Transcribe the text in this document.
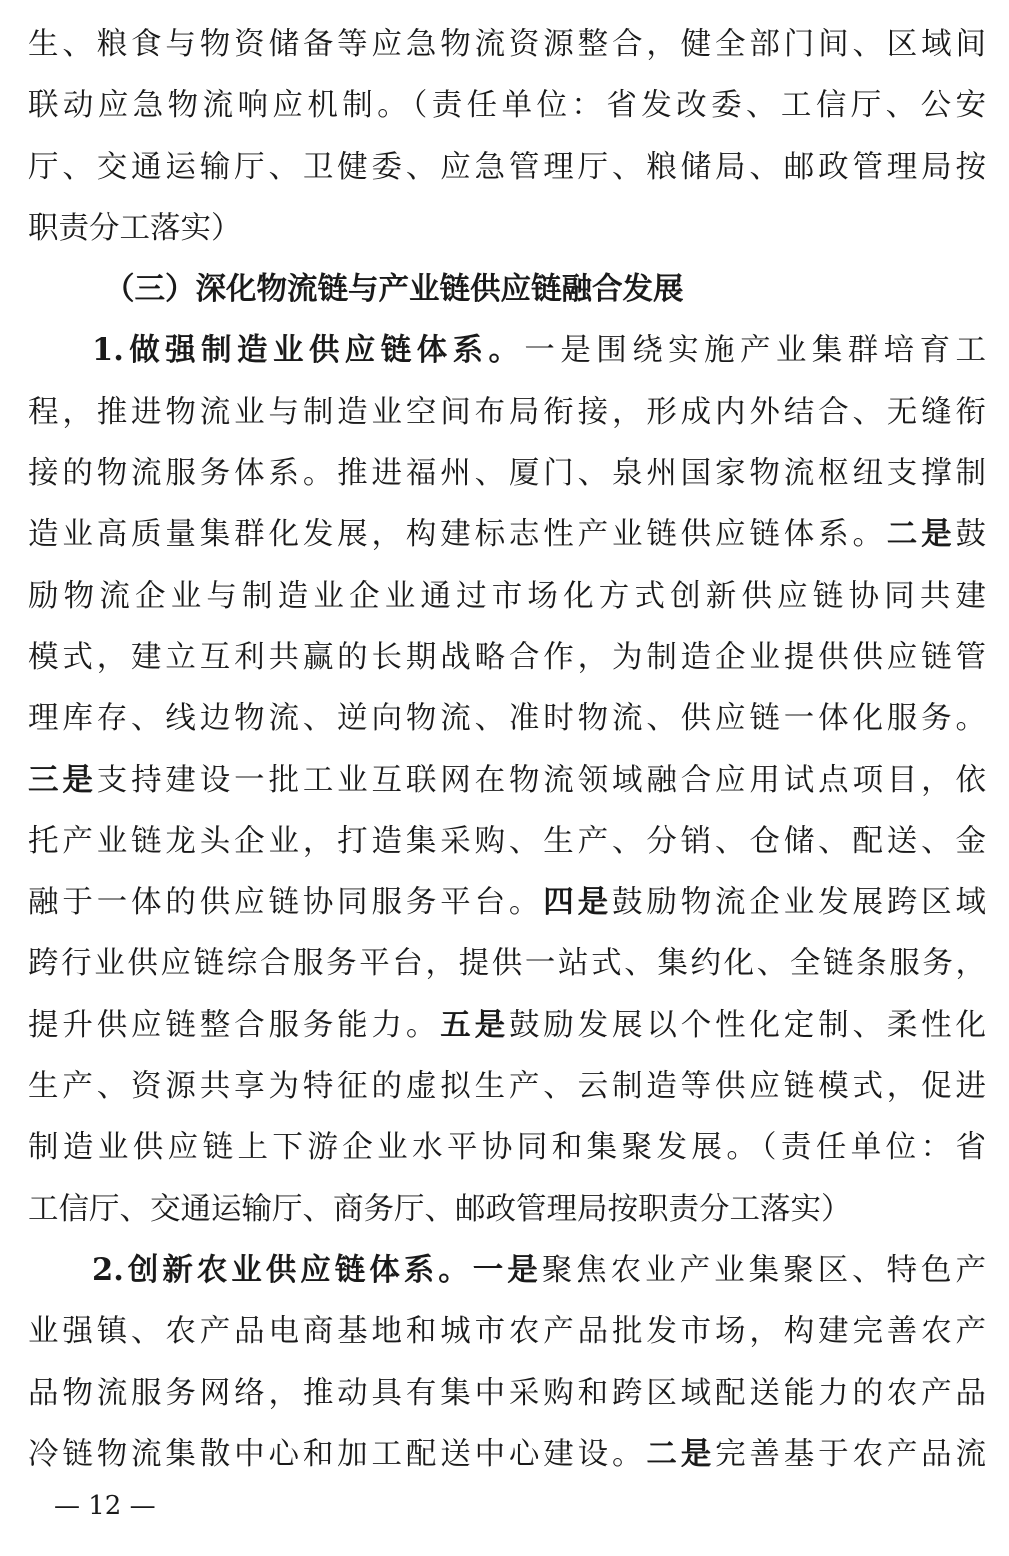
生、粮食与物资储备等应急物流资源整合，健全部门间、区域间
联动应急物流响应机制。（责任单位：省发改委、工信厅、公安
厅、交通运输厅、卫健委、应急管理厅、粮储局、邮政管理局按
职责分工落实）
（三）深化物流链与产业链供应链融合发展
1.做强制造业供应链体系。一是围绕实施产业集群培育工
程，推进物流业与制造业空间布局衔接，形成内外结合、无缝衔
接的物流服务体系。推进福州、厦门、泉州国家物流枢纽支撑制
造业高质量集群化发展，构建标志性产业链供应链体系。二是鼓
励物流企业与制造业企业通过市场化方式创新供应链协同共建
模式，建立互利共赢的长期战略合作，为制造企业提供供应链管
理库存、线边物流、逆向物流、准时物流、供应链一体化服务。
三是支持建设一批工业互联网在物流领域融合应用试点项目，依
托产业链龙头企业，打造集采购、生产、分销、仓储、配送、金
融于一体的供应链协同服务平台。四是鼓励物流企业发展跨区域
跨行业供应链综合服务平台，提供一站式、集约化、全链条服务，
提升供应链整合服务能力。五是鼓励发展以个性化定制、柔性化
生产、资源共享为特征的虚拟生产、云制造等供应链模式，促进
制造业供应链上下游企业水平协同和集聚发展。（责任单位：省
工信厅、交通运输厅、商务厅、邮政管理局按职责分工落实）
2.创新农业供应链体系。一是聚焦农业产业集聚区、特色产
业强镇、农产品电商基地和城市农产品批发市场，构建完善农产
品物流服务网络，推动具有集中采购和跨区域配送能力的农产品
冷链物流集散中心和加工配送中心建设。二是完善基于农产品流
— 12 —
